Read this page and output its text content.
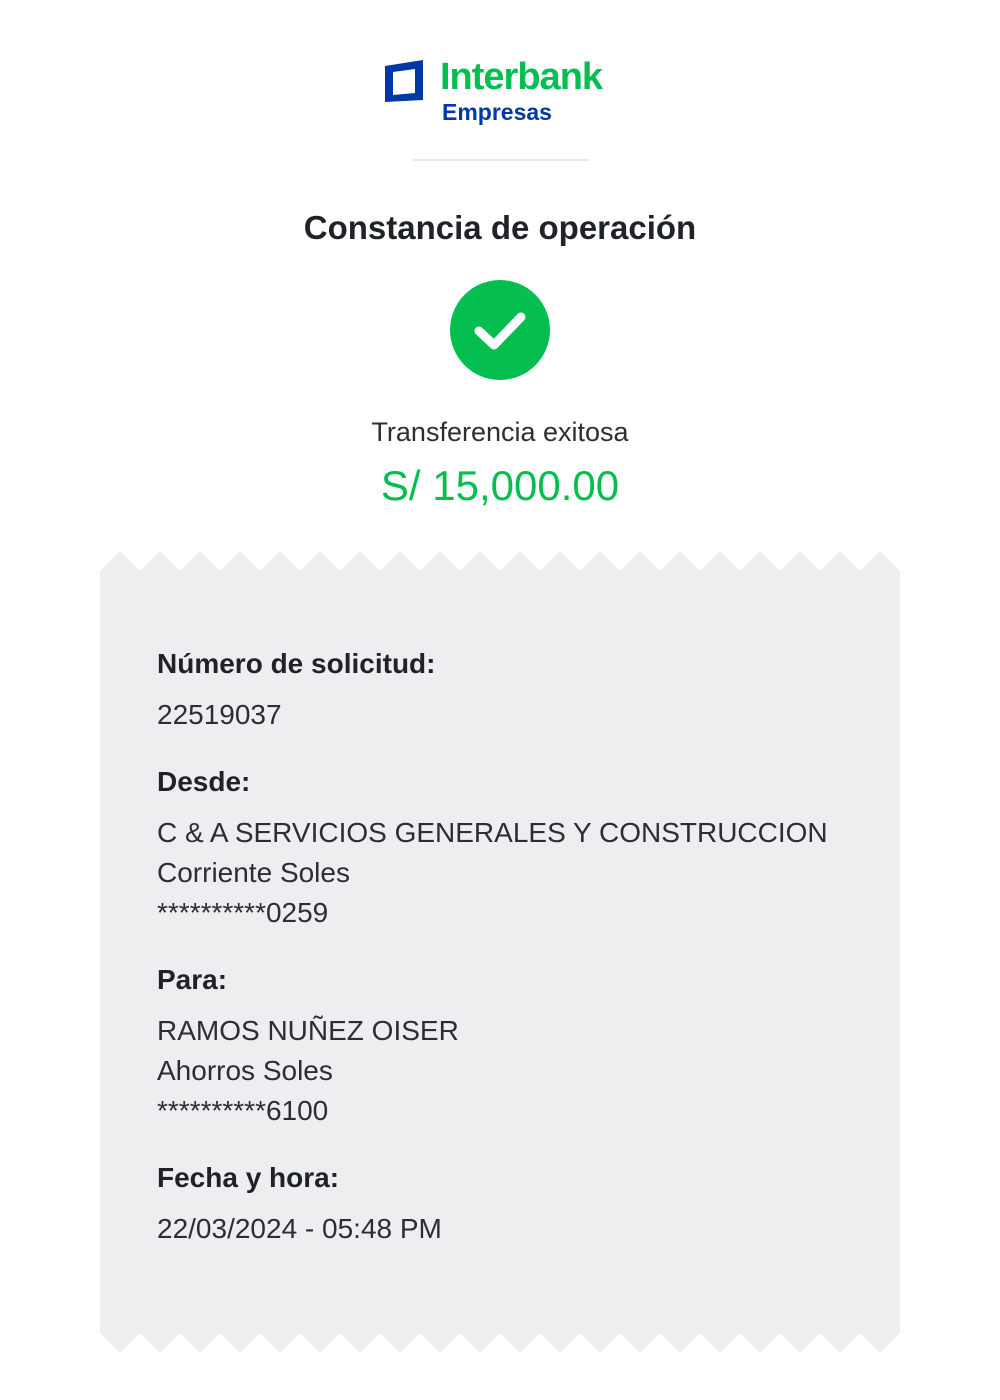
Interbank
Empresas
Constancia de operación
Transferencia exitosa
S/ 15,000.00

Número de solicitud:

22519037

Desde:

C & A SERVICIOS GENERALES Y CONSTRUCCION

Corriente Soles

**********0259

Para:

RAMOS NUÑEZ OISER

Ahorros Soles

**********6100

Fecha y hora:

22/03/2024 - 05:48 PM
